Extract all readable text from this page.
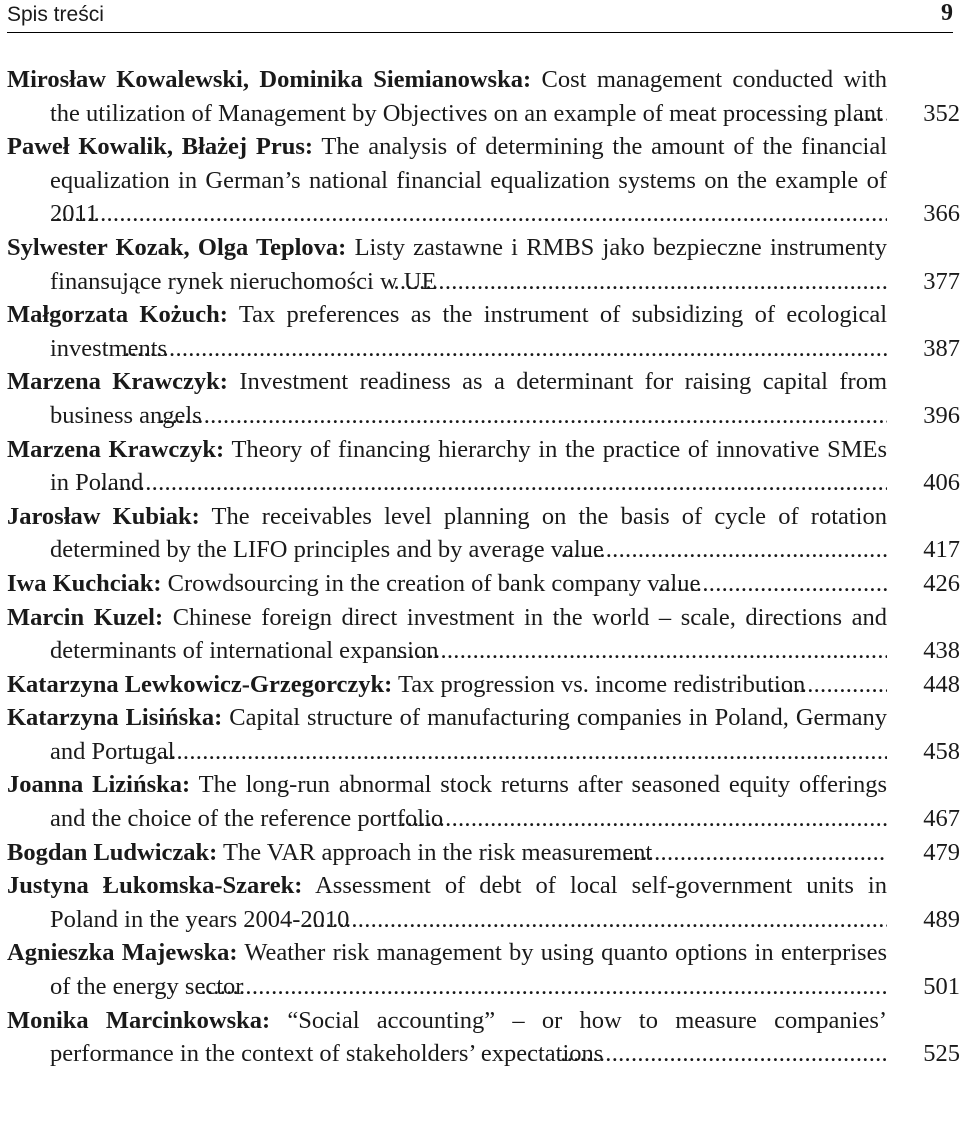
Spis treści	9
Mirosław Kowalewski, Dominika Siemianowska: Cost management conducted with the utilization of Management by Objectives on an example of meat processing plant	352
Paweł Kowalik, Błażej Prus: The analysis of determining the amount of the financial equalization in German’s national financial equalization systems on the example of 2011	366
Sylwester Kozak, Olga Teplova: Listy zastawne i RMBS jako bezpieczne instrumenty finansujące rynek nieruchomości w UE	377
Małgorzata Kożuch: Tax preferences as the instrument of subsidizing of ecological investments	387
Marzena Krawczyk: Investment readiness as a determinant for raising capital from business angels	396
Marzena Krawczyk: Theory of financing hierarchy in the practice of innovative SMEs in Poland	406
Jarosław Kubiak: The receivables level planning on the basis of cycle of rotation determined by the LIFO principles and by average value	417
Iwa Kuchciak: Crowdsourcing in the creation of bank company value	426
Marcin Kuzel: Chinese foreign direct investment in the world – scale, directions and determinants of international expansion	438
Katarzyna Lewkowicz-Grzegorczyk: Tax progression vs. income redistribution	448
Katarzyna Lisińska: Capital structure of manufacturing companies in Poland, Germany and Portugal	458
Joanna Lizińska: The long-run abnormal stock returns after seasoned equity offerings and the choice of the reference portfolio	467
Bogdan Ludwiczak: The VAR approach in the risk measurement	479
Justyna Łukomska-Szarek: Assessment of debt of local self-government units in Poland in the years 2004-2010	489
Agnieszka Majewska: Weather risk management by using quanto options in enterprises of the energy sector	501
Monika Marcinkowska: “Social accounting” – or how to measure companies’ performance in the context of stakeholders’ expectations	525
